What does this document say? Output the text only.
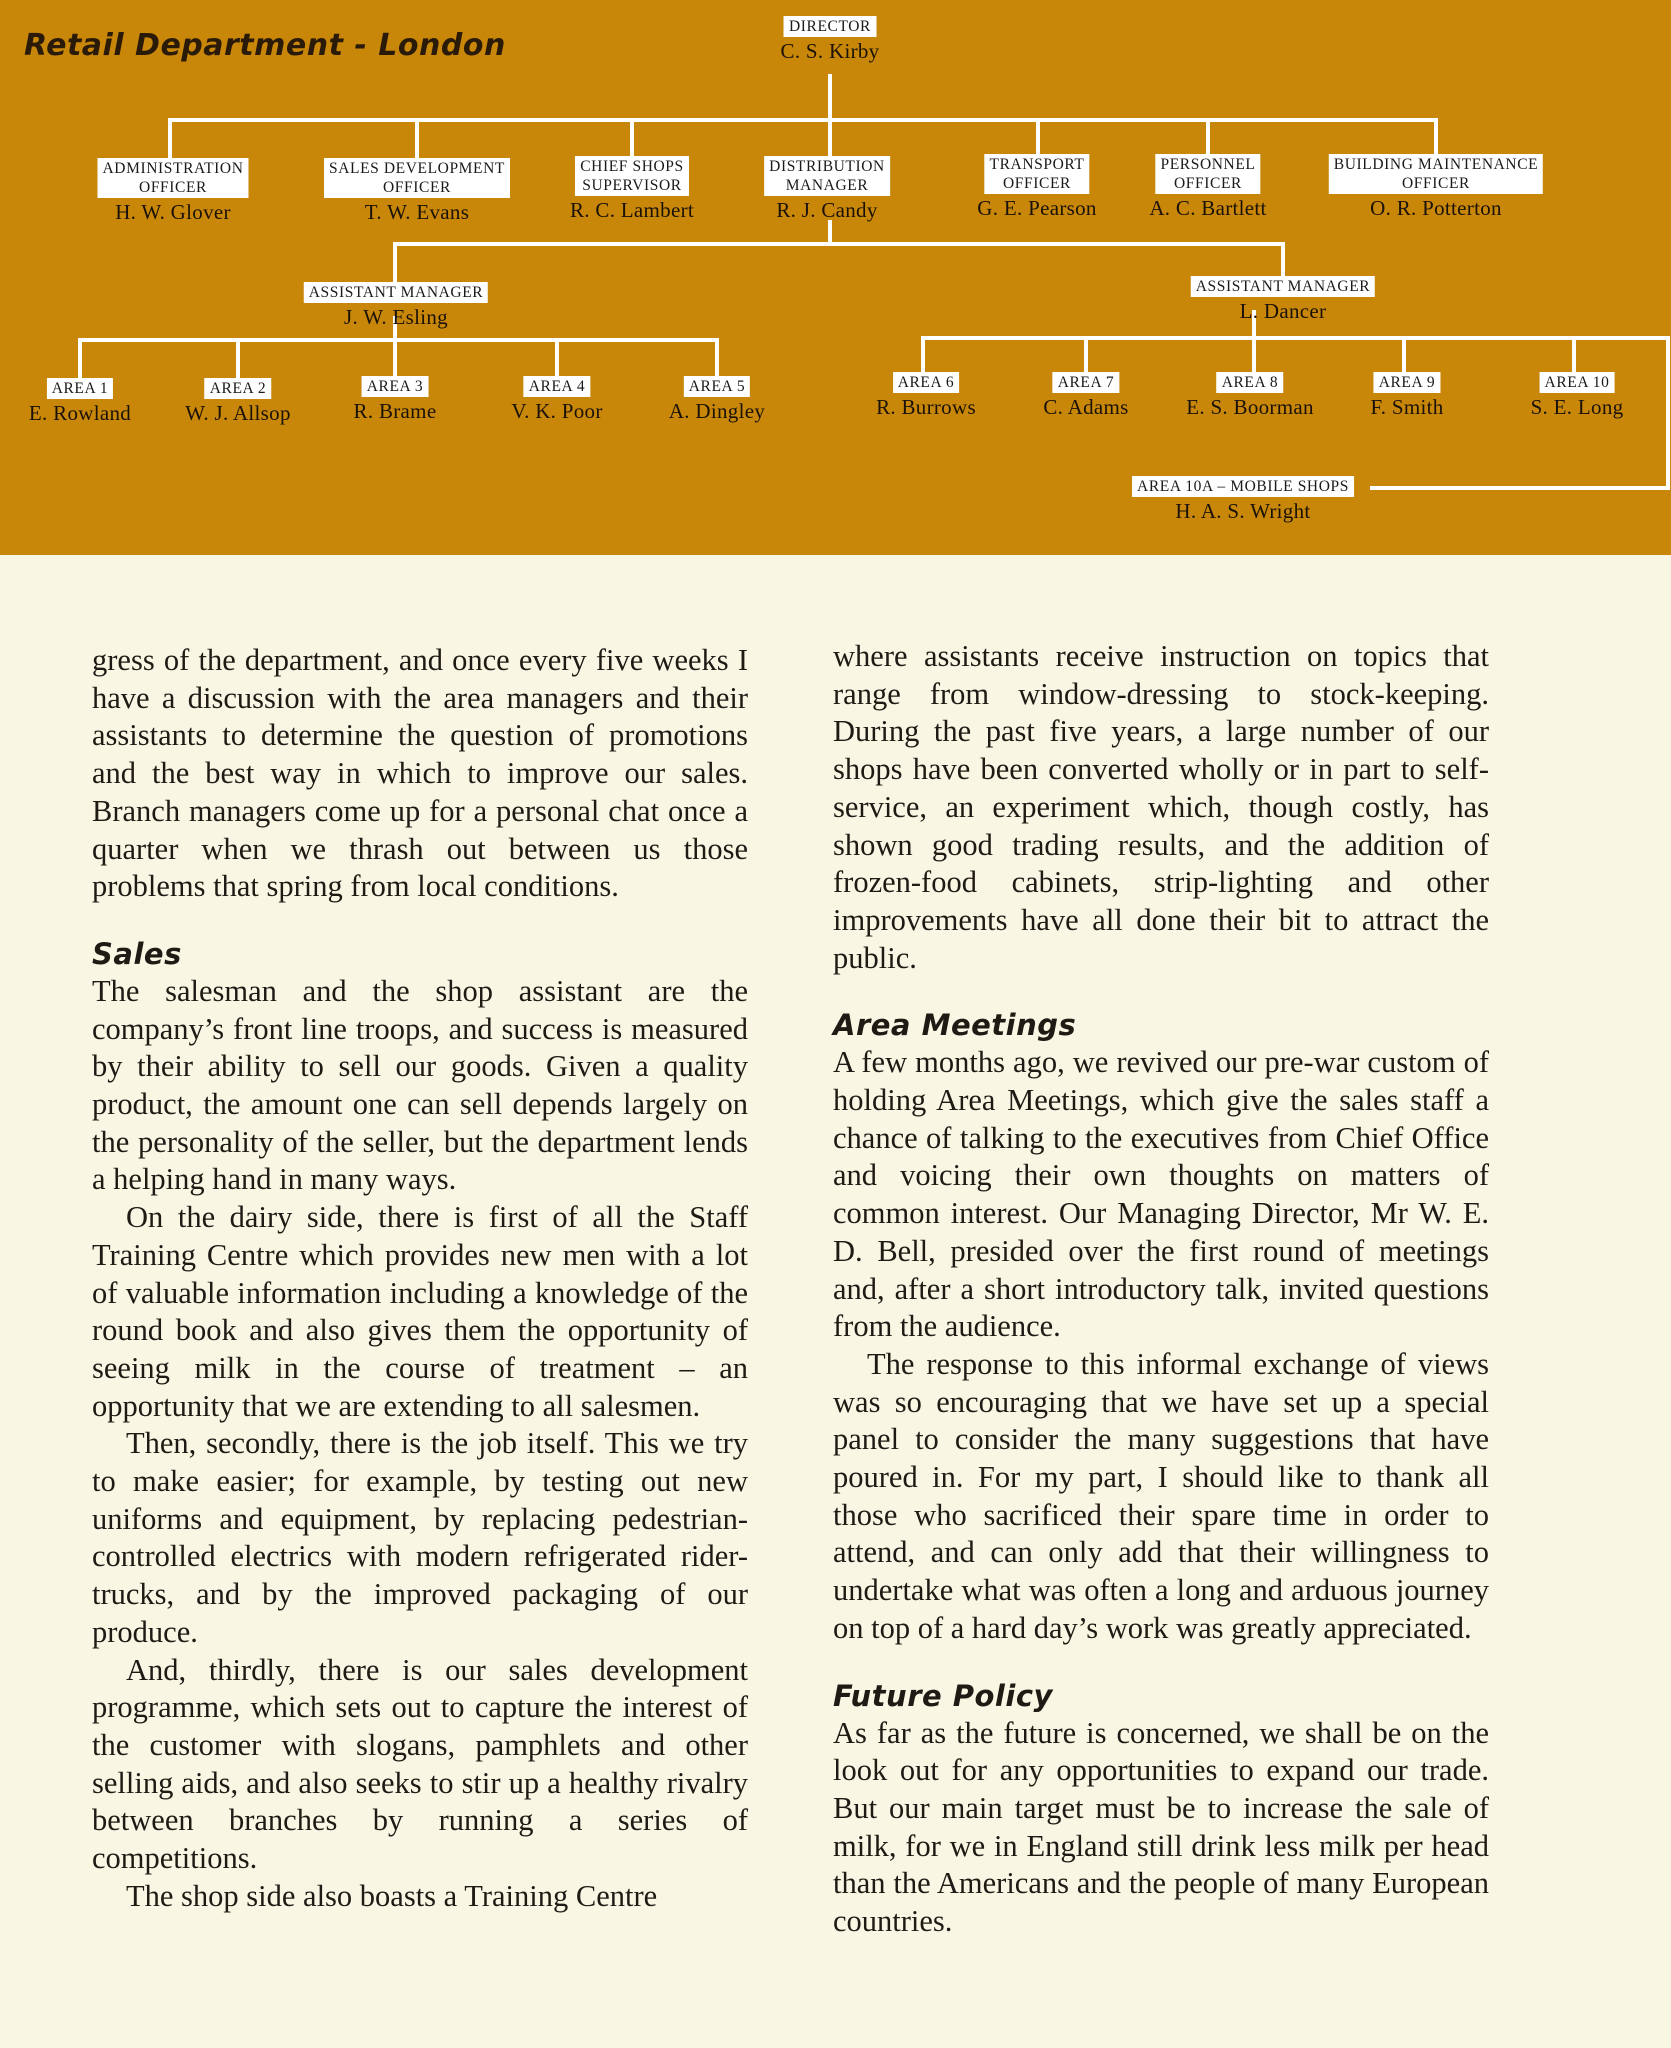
Retail Department - London
DIRECTOR
C. S. Kirby
ADMINISTRATION
OFFICER
H. W. Glover
SALES DEVELOPMENT
OFFICER
T. W. Evans
CHIEF SHOPS
SUPERVISOR
R. C. Lambert
DISTRIBUTION
MANAGER
R. J. Candy
TRANSPORT
OFFICER
G. E. Pearson
PERSONNEL
OFFICER
A. C. Bartlett
BUILDING MAINTENANCE
OFFICER
O. R. Potterton
ASSISTANT MANAGER
J. W. Esling
ASSISTANT MANAGER
L. Dancer
AREA 1
E. Rowland
AREA 2
W. J. Allsop
AREA 3
R. Brame
AREA 4
V. K. Poor
AREA 5
A. Dingley
AREA 6
R. Burrows
AREA 7
C. Adams
AREA 8
E. S. Boorman
AREA 9
F. Smith
AREA 10
S. E. Long
AREA 10A – MOBILE SHOPS
H. A. S. Wright

gress of the department, and once every five weeks I have a discussion with the area managers and their assistants to determine the question of promotions and the best way in which to improve our sales. Branch managers come up for a personal chat once a quarter when we thrash out between us those problems that spring from local conditions.

Sales

The salesman and the shop assistant are the company’s front line troops, and success is measured by their ability to sell our goods. Given a quality product, the amount one can sell depends largely on the personality of the seller, but the department lends a helping hand in many ways.

On the dairy side, there is first of all the Staff Training Centre which provides new men with a lot of valuable information including a knowledge of the round book and also gives them the opportunity of seeing milk in the course of treatment – an opportunity that we are extending to all salesmen.

Then, secondly, there is the job itself. This we try to make easier; for example, by testing out new uniforms and equipment, by replacing pedestrian-controlled electrics with modern refrigerated rider-trucks, and by the improved packaging of our produce.

And, thirdly, there is our sales development programme, which sets out to capture the interest of the customer with slogans, pamphlets and other selling aids, and also seeks to stir up a healthy rivalry between branches by running a series of competitions.

The shop side also boasts a Training Centre

where assistants receive instruction on topics that range from window-dressing to stock-keeping. During the past five years, a large number of our shops have been converted wholly or in part to self-service, an experiment which, though costly, has shown good trading results, and the addition of frozen-food cabinets, strip-lighting and other improvements have all done their bit to attract the public.

Area Meetings

A few months ago, we revived our pre-war custom of holding Area Meetings, which give the sales staff a chance of talking to the executives from Chief Office and voicing their own thoughts on matters of common interest. Our Managing Director, Mr W. E. D. Bell, presided over the first round of meetings and, after a short introductory talk, invited questions from the audience.

The response to this informal exchange of views was so encouraging that we have set up a special panel to consider the many suggestions that have poured in. For my part, I should like to thank all those who sacrificed their spare time in order to attend, and can only add that their willingness to undertake what was often a long and arduous journey on top of a hard day’s work was greatly appreciated.

Future Policy

As far as the future is concerned, we shall be on the look out for any opportunities to expand our trade. But our main target must be to increase the sale of milk, for we in England still drink less milk per head than the Americans and the people of many European countries.
